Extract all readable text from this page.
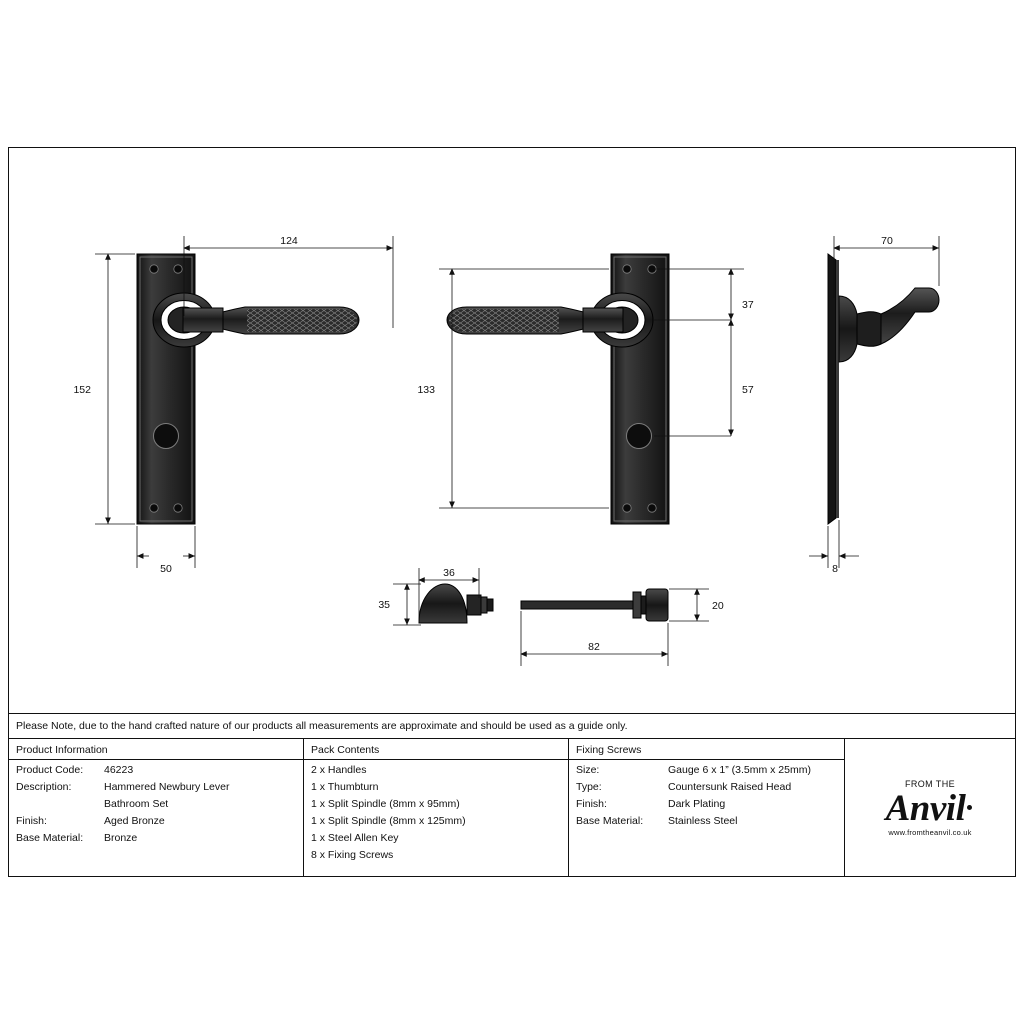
124
152
50
133
37
57
70
8
36
35	20
82
Please Note, due to the hand crafted nature of our products all measurements are approximate and should be used as a guide only.
Product Information
Product Code:	46223
Description:	Hammered Newbury Lever
Bathroom Set
Finish:	Aged Bronze
Base Material:	Bronze
Pack Contents
2 x Handles
1 x Thumbturn
1 x Split Spindle (8mm x 95mm)
1 x Split Spindle (8mm x 125mm)
1 x Steel Allen Key
8 x Fixing Screws
Fixing Screws
Size:	Gauge 6 x 1” (3.5mm x 25mm)
Type:	Countersunk Raised Head
Finish:	Dark Plating
Base Material:	Stainless Steel
FROM THE
Anvil
www.fromtheanvil.co.uk
